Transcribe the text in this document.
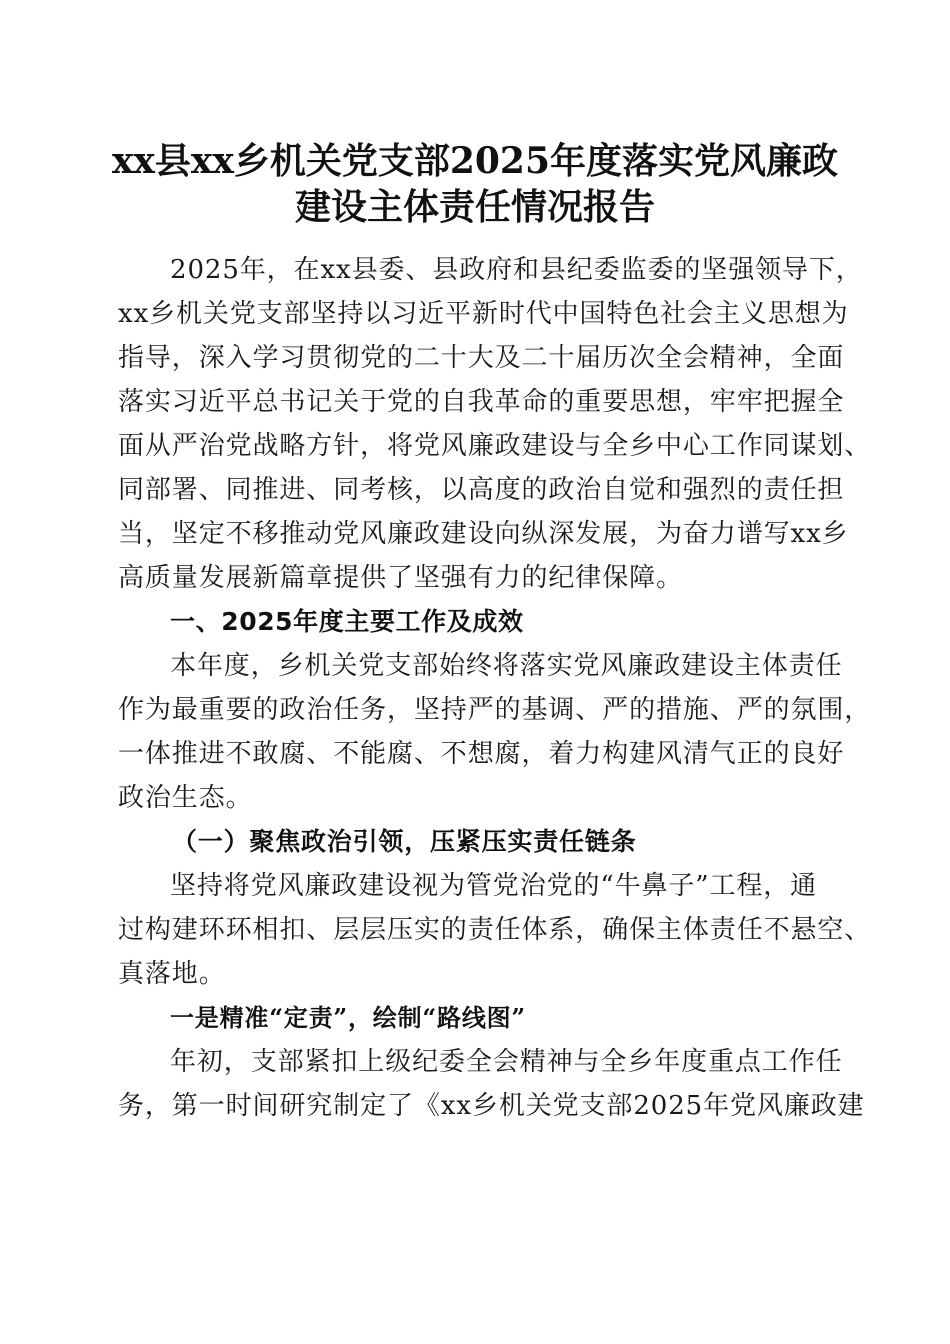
xx县xx乡机关党支部2025年度落实党风廉政
建设主体责任情况报告
2025年，在xx县委、县政府和县纪委监委的坚强领导下，
xx乡机关党支部坚持以习近平新时代中国特色社会主义思想为
指导，深入学习贯彻党的二十大及二十届历次全会精神，全面
落实习近平总书记关于党的自我革命的重要思想，牢牢把握全
面从严治党战略方针，将党风廉政建设与全乡中心工作同谋划、
同部署、同推进、同考核，以高度的政治自觉和强烈的责任担
当，坚定不移推动党风廉政建设向纵深发展，为奋力谱写xx乡
高质量发展新篇章提供了坚强有力的纪律保障。
一、2025年度主要工作及成效
本年度，乡机关党支部始终将落实党风廉政建设主体责任
作为最重要的政治任务，坚持严的基调、严的措施、严的氛围，
一体推进不敢腐、不能腐、不想腐，着力构建风清气正的良好
政治生态。
（一）聚焦政治引领，压紧压实责任链条
坚持将党风廉政建设视为管党治党的“牛鼻子”工程，通
过构建环环相扣、层层压实的责任体系，确保主体责任不悬空、
真落地。
一是精准“定责”，绘制“路线图”
年初，支部紧扣上级纪委全会精神与全乡年度重点工作任
务，第一时间研究制定了《xx乡机关党支部2025年党风廉政建
